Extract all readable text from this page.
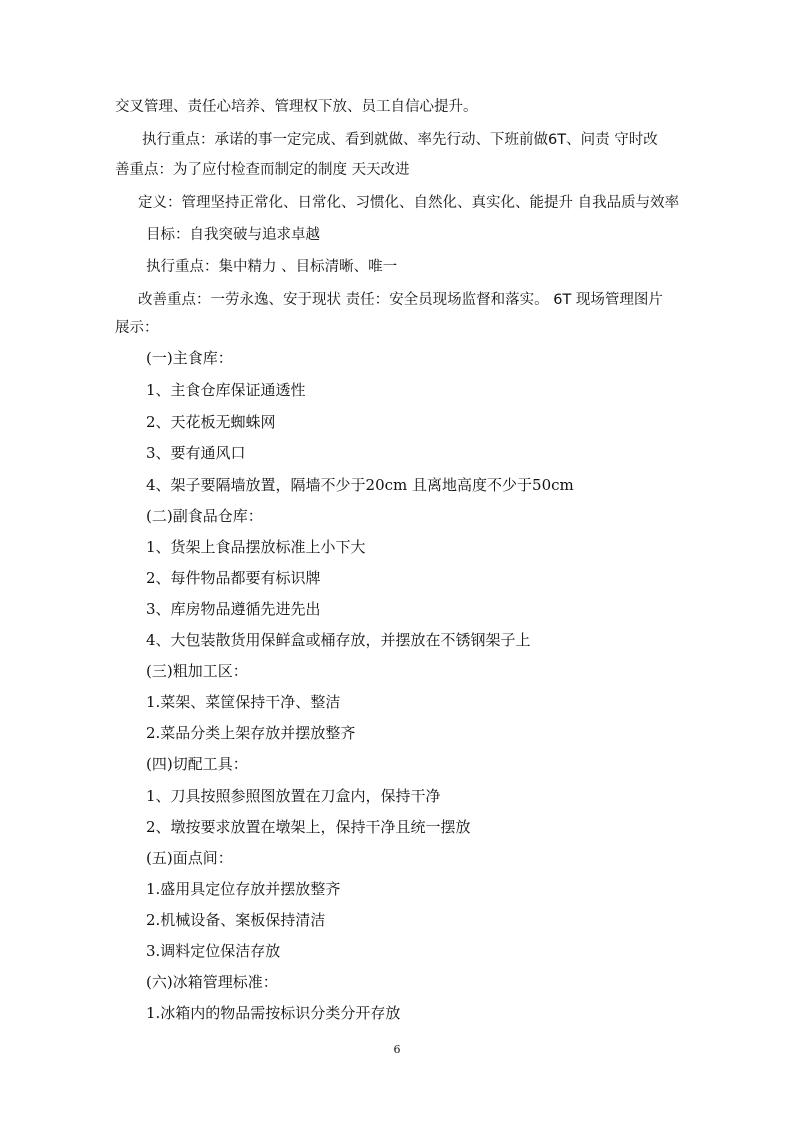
交叉管理、责任心培养、管理权下放、员工自信心提升。
执行重点：承诺的事一定完成、看到就做、率先行动、下班前做6T、问责 守时改
善重点：为了应付检查而制定的制度 天天改进
定义：管理坚持正常化、日常化、习惯化、自然化、真实化、能提升 自我品质与效率
目标：自我突破与追求卓越
执行重点：集中精力 、目标清晰、唯一
改善重点：一劳永逸、安于现状 责任：安全员现场监督和落实。 6T 现场管理图片
展示：
(一)主食库：
1、主食仓库保证通透性
2、天花板无蜘蛛网
3、要有通风口
4、架子要隔墙放置，隔墙不少于20cm 且离地高度不少于50cm
(二)副食品仓库：
1、货架上食品摆放标准上小下大
2、每件物品都要有标识牌
3、库房物品遵循先进先出
4、大包装散货用保鲜盒或桶存放，并摆放在不锈钢架子上
(三)粗加工区：
1.菜架、菜筐保持干净、整洁
2.菜品分类上架存放并摆放整齐
(四)切配工具：
1、刀具按照参照图放置在刀盒内，保持干净
2、墩按要求放置在墩架上，保持干净且统一摆放
(五)面点间：
1.盛用具定位存放并摆放整齐
2.机械设备、案板保持清洁
3.调料定位保洁存放
(六)冰箱管理标准：
1.冰箱内的物品需按标识分类分开存放
6
